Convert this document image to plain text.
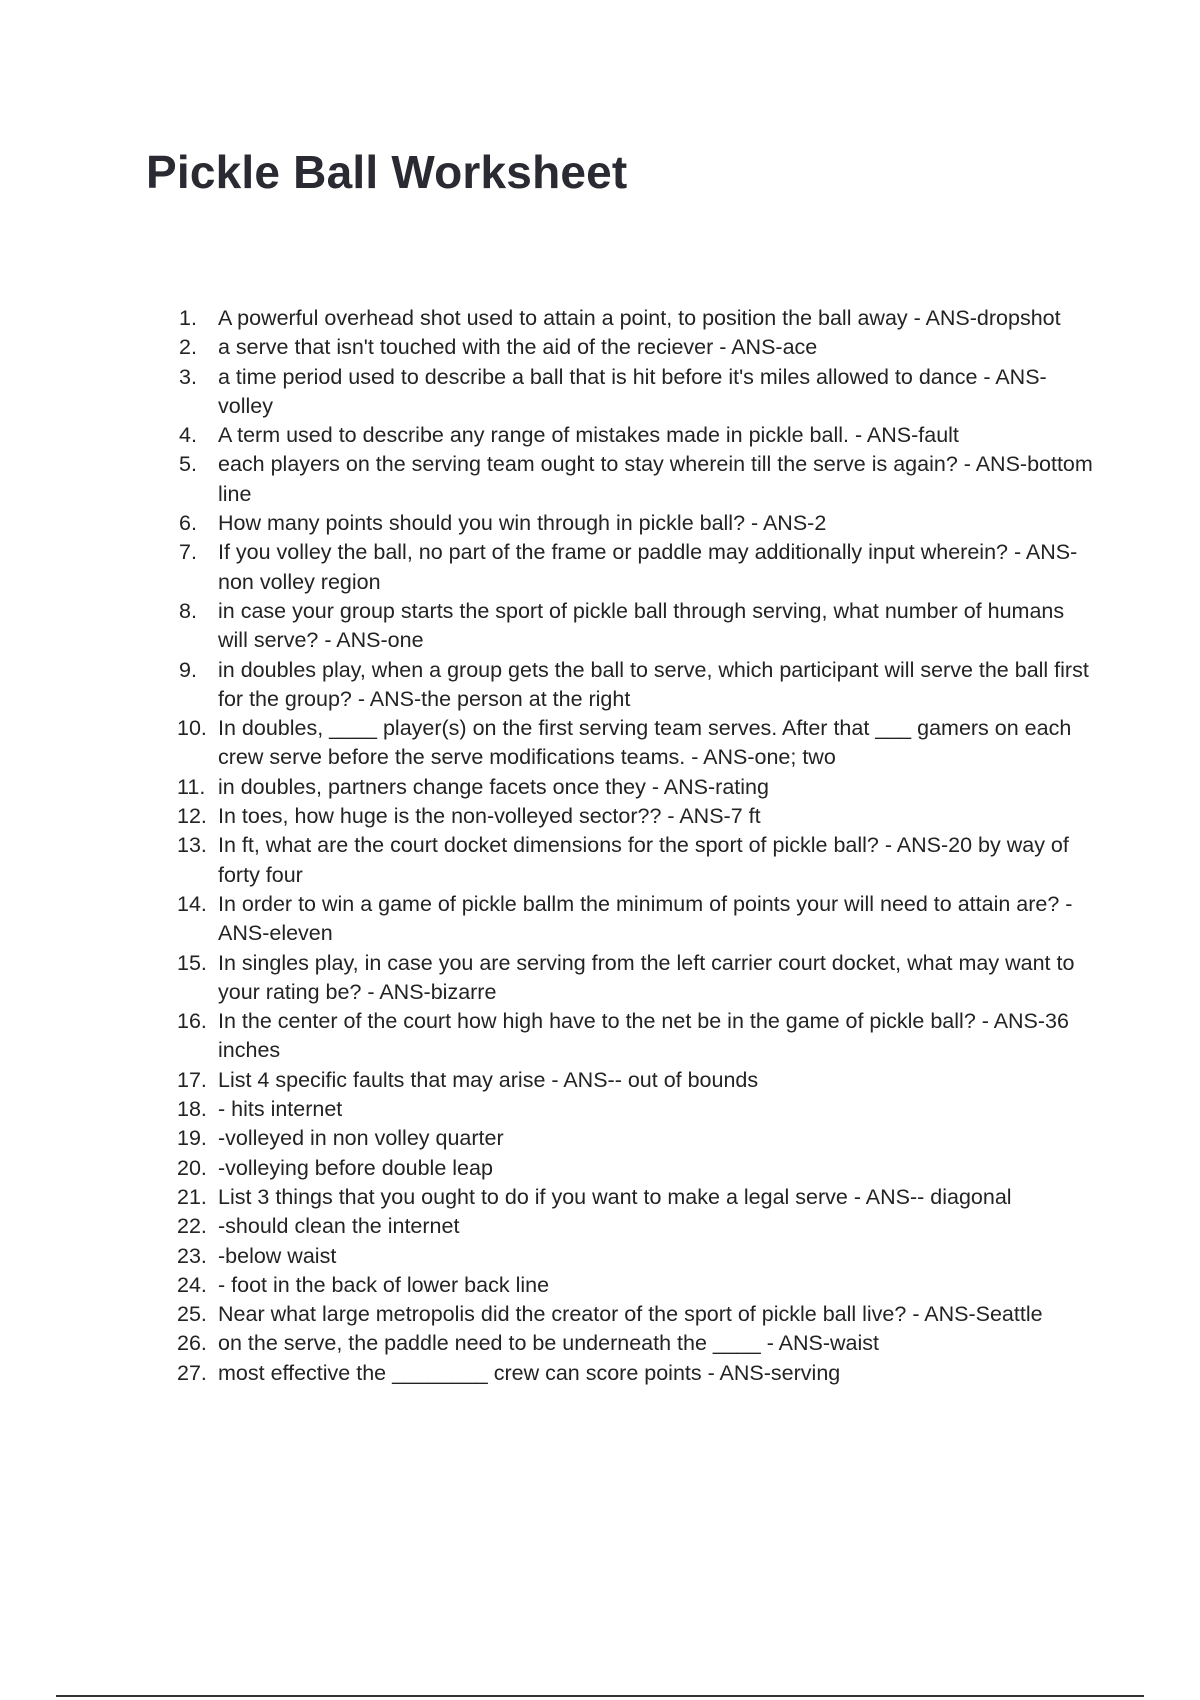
Pickle Ball Worksheet
1. A powerful overhead shot used to attain a point, to position the ball away - ANS-dropshot
2. a serve that isn't touched with the aid of the reciever - ANS-ace
3. a time period used to describe a ball that is hit before it's miles allowed to dance - ANS-volley
4. A term used to describe any range of mistakes made in pickle ball. - ANS-fault
5. each players on the serving team ought to stay wherein till the serve is again? - ANS-bottom line
6. How many points should you win through in pickle ball? - ANS-2
7. If you volley the ball, no part of the frame or paddle may additionally input wherein? - ANS-non volley region
8. in case your group starts the sport of pickle ball through serving, what number of humans will serve? - ANS-one
9. in doubles play, when a group gets the ball to serve, which participant will serve the ball first for the group? - ANS-the person at the right
10. In doubles, ____ player(s) on the first serving team serves. After that ___ gamers on each crew serve before the serve modifications teams. - ANS-one; two
11. in doubles, partners change facets once they - ANS-rating
12. In toes, how huge is the non-volleyed sector?? - ANS-7 ft
13. In ft, what are the court docket dimensions for the sport of pickle ball? - ANS-20 by way of forty four
14. In order to win a game of pickle ballm the minimum of points your will need to attain are? - ANS-eleven
15. In singles play, in case you are serving from the left carrier court docket, what may want to your rating be? - ANS-bizarre
16. In the center of the court how high have to the net be in the game of pickle ball? - ANS-36 inches
17. List 4 specific faults that may arise - ANS-- out of bounds
18. - hits internet
19. -volleyed in non volley quarter
20. -volleying before double leap
21. List 3 things that you ought to do if you want to make a legal serve - ANS-- diagonal
22. -should clean the internet
23. -below waist
24. - foot in the back of lower back line
25. Near what large metropolis did the creator of the sport of pickle ball live? - ANS-Seattle
26. on the serve, the paddle need to be underneath the ____ - ANS-waist
27. most effective the ________ crew can score points - ANS-serving
